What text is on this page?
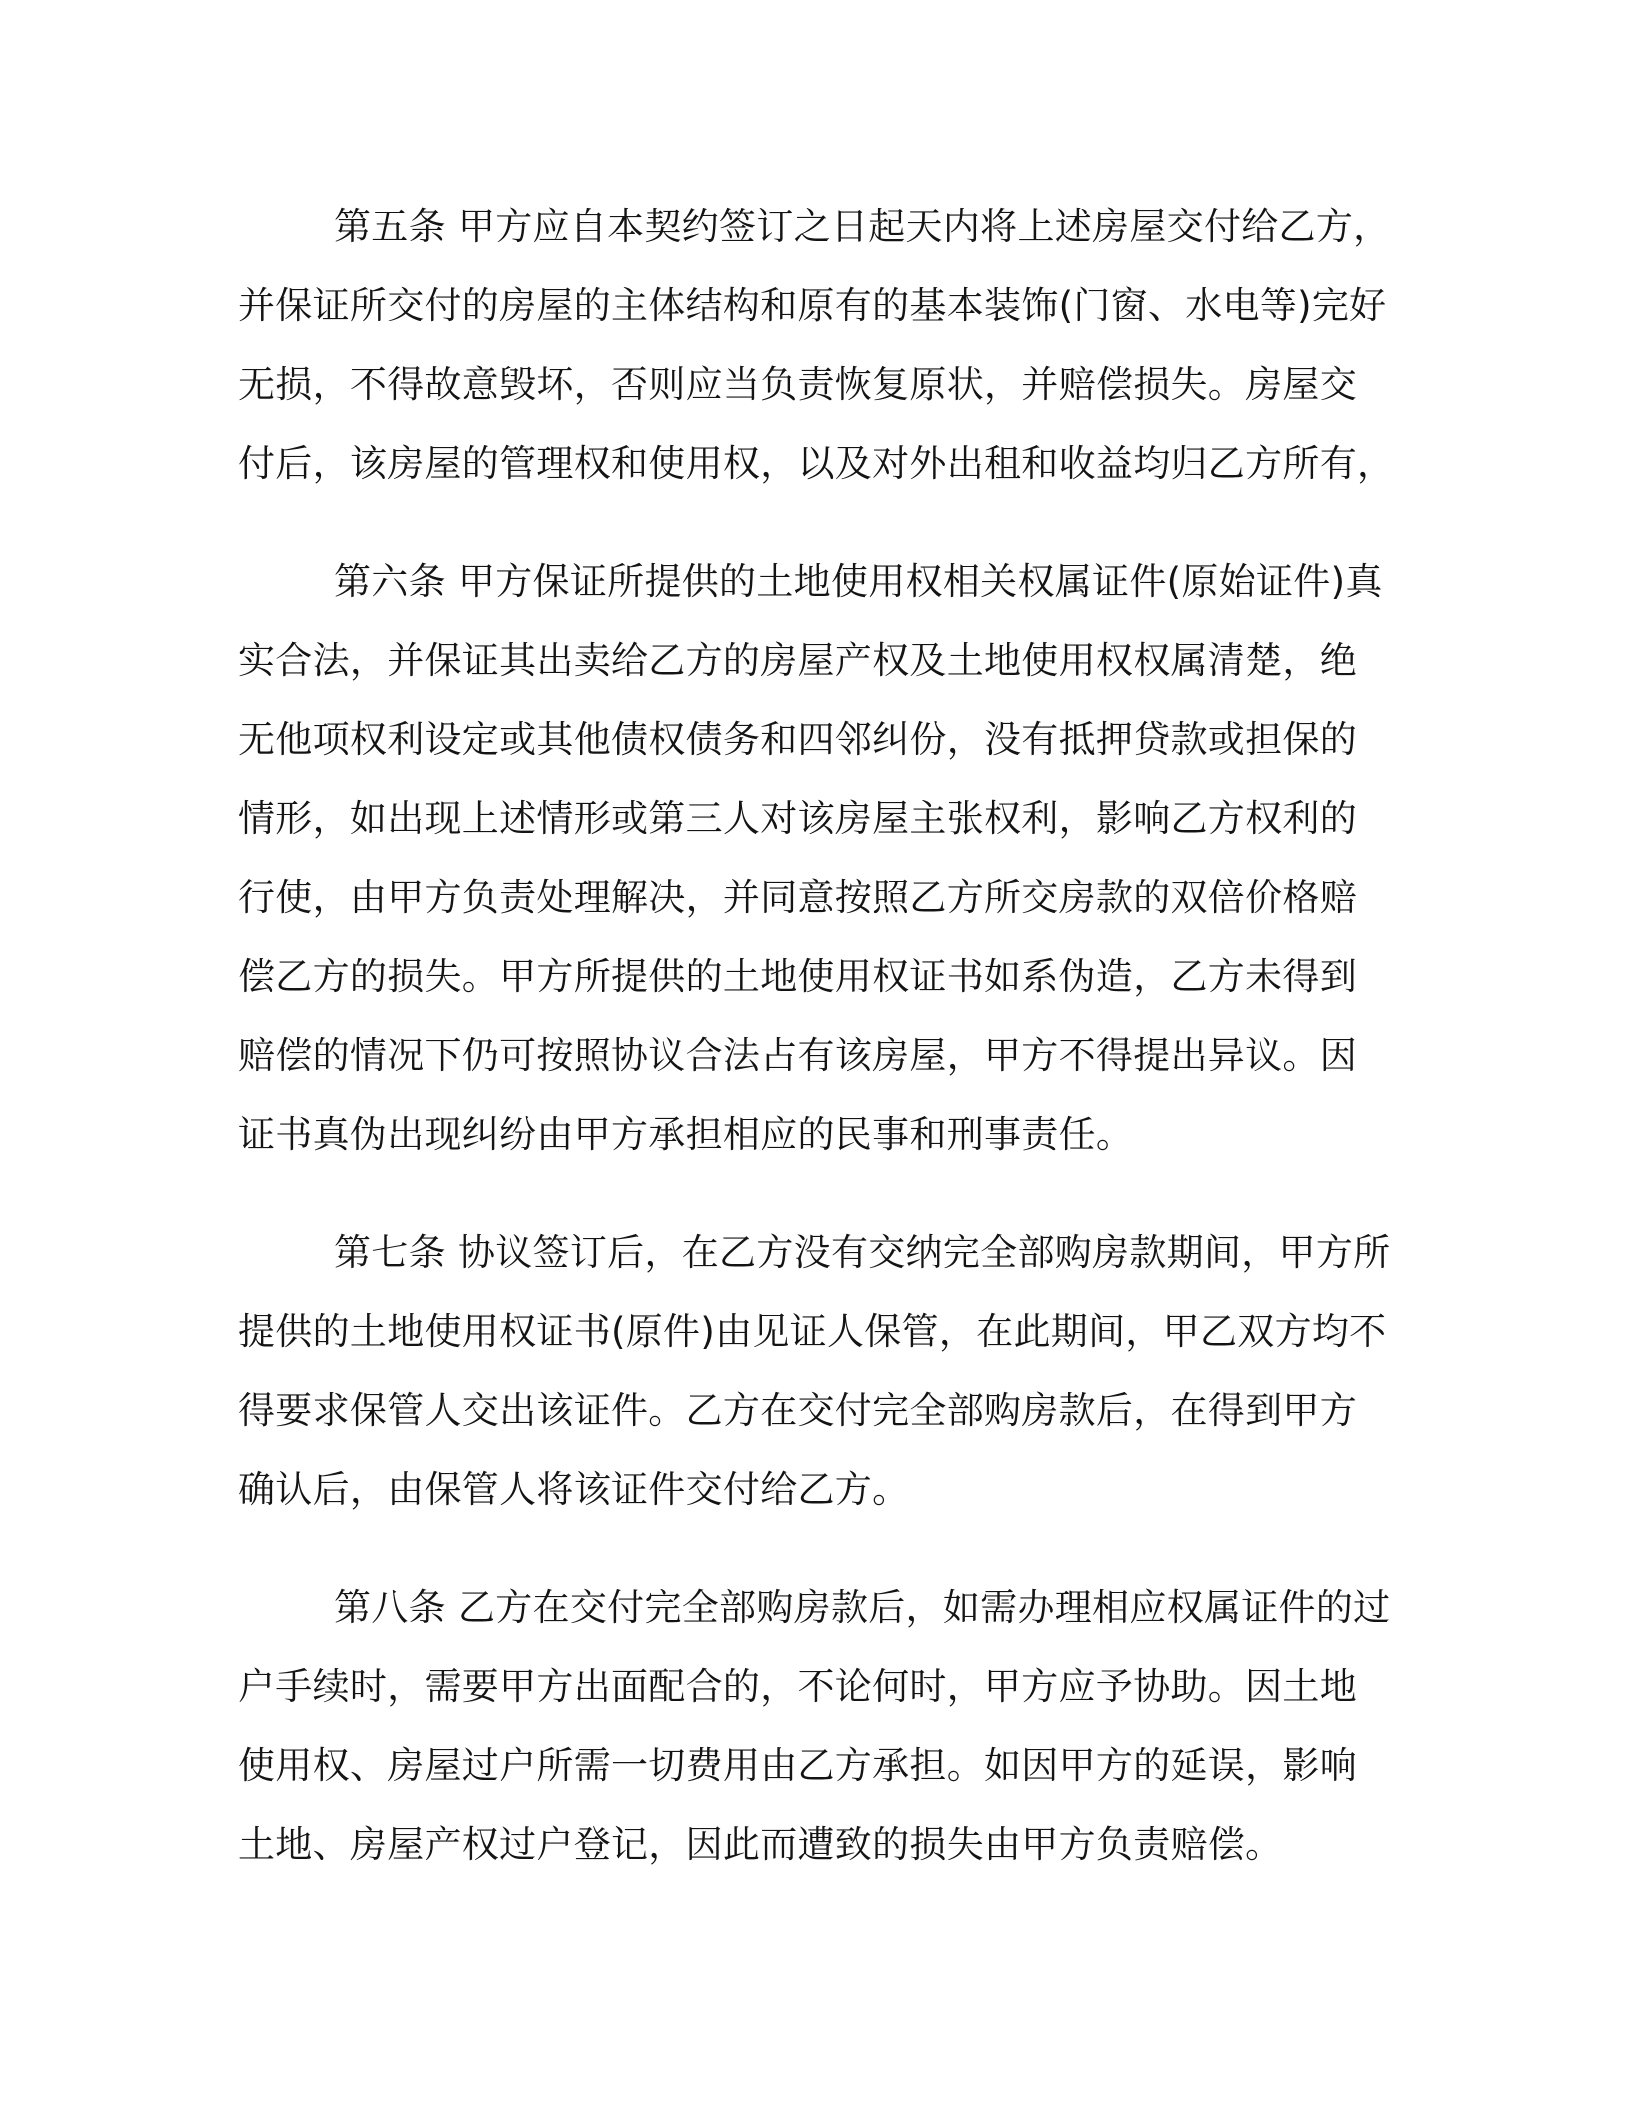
第五条 甲方应自本契约签订之日起天内将上述房屋交付给乙方，
并保证所交付的房屋的主体结构和原有的基本装饰(门窗、水电等)完好
无损，不得故意毁坏，否则应当负责恢复原状，并赔偿损失。房屋交
付后，该房屋的管理权和使用权，以及对外出租和收益均归乙方所有，
第六条 甲方保证所提供的土地使用权相关权属证件(原始证件)真
实合法，并保证其出卖给乙方的房屋产权及土地使用权权属清楚，绝
无他项权利设定或其他债权债务和四邻纠份，没有抵押贷款或担保的
情形，如出现上述情形或第三人对该房屋主张权利，影响乙方权利的
行使，由甲方负责处理解决，并同意按照乙方所交房款的双倍价格赔
偿乙方的损失。甲方所提供的土地使用权证书如系伪造，乙方未得到
赔偿的情况下仍可按照协议合法占有该房屋，甲方不得提出异议。因
证书真伪出现纠纷由甲方承担相应的民事和刑事责任。
第七条 协议签订后，在乙方没有交纳完全部购房款期间，甲方所
提供的土地使用权证书(原件)由见证人保管，在此期间，甲乙双方均不
得要求保管人交出该证件。乙方在交付完全部购房款后，在得到甲方
确认后，由保管人将该证件交付给乙方。
第八条 乙方在交付完全部购房款后，如需办理相应权属证件的过
户手续时，需要甲方出面配合的，不论何时，甲方应予协助。因土地
使用权、房屋过户所需一切费用由乙方承担。如因甲方的延误，影响
土地、房屋产权过户登记，因此而遭致的损失由甲方负责赔偿。
